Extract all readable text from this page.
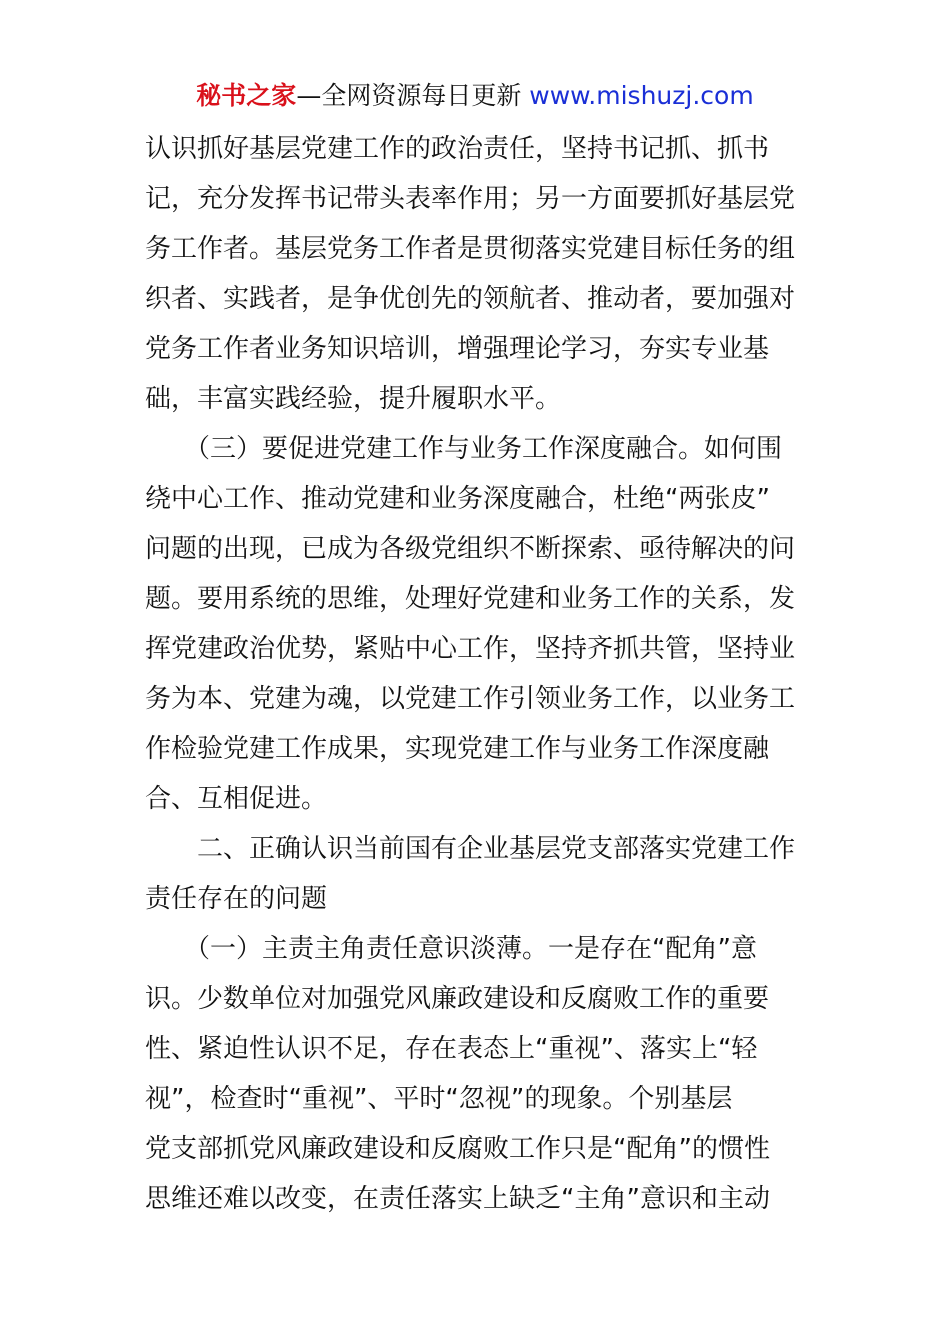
秘书之家—全网资源每日更新 www.mishuzj.com
认识抓好基层党建工作的政治责任，坚持书记抓、抓书
记，充分发挥书记带头表率作用；另一方面要抓好基层党
务工作者。基层党务工作者是贯彻落实党建目标任务的组
织者、实践者，是争优创先的领航者、推动者，要加强对
党务工作者业务知识培训，增强理论学习，夯实专业基
础，丰富实践经验，提升履职水平。
　　（三）要促进党建工作与业务工作深度融合。如何围
绕中心工作、推动党建和业务深度融合，杜绝“两张皮”
问题的出现，已成为各级党组织不断探索、亟待解决的问
题。要用系统的思维，处理好党建和业务工作的关系，发
挥党建政治优势，紧贴中心工作，坚持齐抓共管，坚持业
务为本、党建为魂，以党建工作引领业务工作，以业务工
作检验党建工作成果，实现党建工作与业务工作深度融
合、互相促进。
　　二、正确认识当前国有企业基层党支部落实党建工作
责任存在的问题
　　（一）主责主角责任意识淡薄。一是存在“配角”意
识。少数单位对加强党风廉政建设和反腐败工作的重要
性、紧迫性认识不足，存在表态上“重视”、落实上“轻
视”，检查时“重视”、平时“忽视”的现象。个别基层
党支部抓党风廉政建设和反腐败工作只是“配角”的惯性
思维还难以改变，在责任落实上缺乏“主角”意识和主动
